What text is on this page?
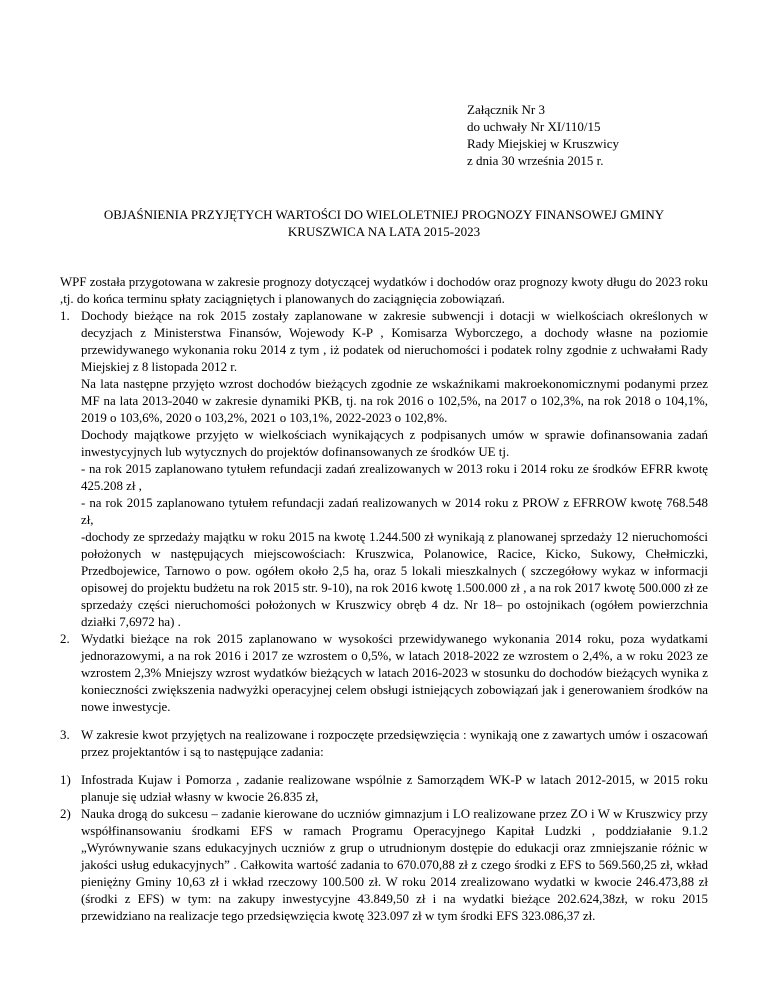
Załącznik Nr 3
do uchwały Nr XI/110/15
Rady Miejskiej w Kruszwicy
z dnia 30 września 2015 r.
OBJAŚNIENIA PRZYJĘTYCH WARTOŚCI DO WIELOLETNIEJ PROGNOZY FINANSOWEJ GMINY
KRUSZWICA NA LATA 2015-2023

WPF została przygotowana w zakresie prognozy dotyczącej wydatków i dochodów oraz prognozy kwoty długu do 2023 roku ,tj. do końca terminu spłaty zaciągniętych i planowanych do zaciągnięcia zobowiązań.

1. Dochody bieżące na rok 2015 zostały zaplanowane w zakresie subwencji i dotacji w wielkościach określonych w decyzjach z Ministerstwa Finansów, Wojewody K-P , Komisarza Wyborczego, a dochody własne na poziomie przewidywanego wykonania roku 2014 z tym , iż podatek od nieruchomości i podatek rolny zgodnie z uchwałami Rady Miejskiej z 8 listopada 2012 r.

Na lata następne przyjęto wzrost dochodów bieżących zgodnie ze wskaźnikami makroekonomicznymi podanymi przez MF na lata 2013-2040 w zakresie dynamiki PKB, tj. na rok 2016 o 102,5%, na 2017 o 102,3%, na rok 2018 o 104,1%, 2019 o 103,6%, 2020 o 103,2%, 2021 o 103,1%, 2022-2023 o 102,8%.

Dochody majątkowe przyjęto w wielkościach wynikających z podpisanych umów w sprawie dofinansowania zadań inwestycyjnych lub wytycznych do projektów dofinansowanych ze środków UE tj.

- na rok 2015 zaplanowano tytułem refundacji zadań zrealizowanych w 2013 roku i 2014 roku ze środków EFRR kwotę 425.208 zł ,

- na rok 2015 zaplanowano tytułem refundacji zadań realizowanych w 2014 roku z PROW z EFRROW kwotę 768.548 zł,

-dochody ze sprzedaży majątku w roku 2015 na kwotę 1.244.500 zł wynikają z planowanej sprzedaży 12 nieruchomości położonych w następujących miejscowościach: Kruszwica, Polanowice, Racice, Kicko, Sukowy, Chełmiczki, Przedbojewice, Tarnowo o pow. ogółem około 2,5 ha, oraz 5 lokali mieszkalnych ( szczegółowy wykaz w informacji opisowej do projektu budżetu na rok 2015 str. 9-10), na rok 2016 kwotę 1.500.000 zł , a na rok 2017 kwotę 500.000 zł ze sprzedaży części nieruchomości położonych w Kruszwicy obręb 4 dz. Nr 18– po ostojnikach (ogółem powierzchnia działki 7,6972 ha) .

2. Wydatki bieżące na rok 2015 zaplanowano w wysokości przewidywanego wykonania 2014 roku, poza wydatkami jednorazowymi, a na rok 2016 i 2017 ze wzrostem o 0,5%, w latach 2018-2022 ze wzrostem o 2,4%, a w roku 2023 ze wzrostem 2,3% Mniejszy wzrost wydatków bieżących w latach 2016-2023 w stosunku do dochodów bieżących wynika z konieczności zwiększenia nadwyżki operacyjnej celem obsługi istniejących zobowiązań jak i generowaniem środków na nowe inwestycje.

3. W zakresie kwot przyjętych na realizowane i rozpoczęte przedsięwzięcia : wynikają one z zawartych umów i oszacowań przez projektantów i są to następujące zadania:

1) Infostrada Kujaw i Pomorza , zadanie realizowane wspólnie z Samorządem WK-P w latach 2012-2015, w 2015 roku planuje się udział własny w kwocie 26.835 zł,

2) Nauka drogą do sukcesu – zadanie kierowane do uczniów gimnazjum i LO realizowane przez ZO i W w Kruszwicy przy współfinansowaniu środkami EFS w ramach Programu Operacyjnego Kapitał Ludzki , poddziałanie 9.1.2 „Wyrównywanie szans edukacyjnych uczniów z grup o utrudnionym dostępie do edukacji oraz zmniejszanie różnic w jakości usług edukacyjnych” . Całkowita wartość zadania to 670.070,88 zł z czego środki z EFS to 569.560,25 zł, wkład pieniężny Gminy 10,63 zł i wkład rzeczowy 100.500 zł. W roku 2014 zrealizowano wydatki w kwocie 246.473,88 zł (środki z EFS) w tym: na zakupy inwestycyjne 43.849,50 zł i na wydatki bieżące 202.624,38zł, w roku 2015 przewidziano na realizacje tego przedsięwzięcia kwotę 323.097 zł w tym środki EFS 323.086,37 zł.
